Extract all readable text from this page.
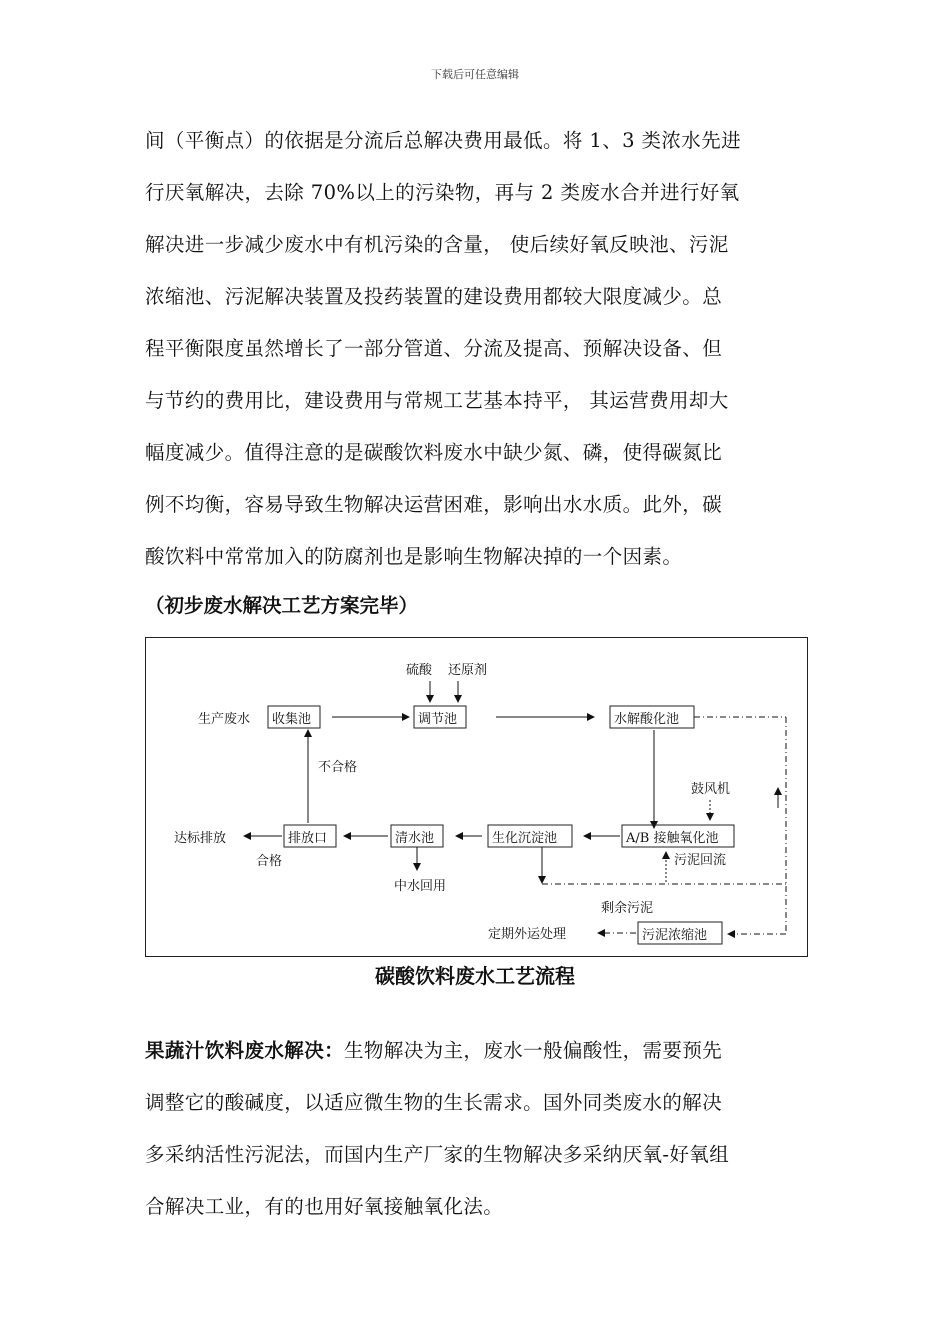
下载后可任意编辑
间（平衡点）的依据是分流后总解决费用最低。将 1、3 类浓水先进
行厌氧解决，去除 70%以上的污染物，再与 2 类废水合并进行好氧
解决进一步减少废水中有机污染的含量， 使后续好氧反映池、污泥
浓缩池、污泥解决装置及投药装置的建设费用都较大限度减少。总
程平衡限度虽然增长了一部分管道、分流及提高、预解决设备、但
与节约的费用比，建设费用与常规工艺基本持平， 其运营费用却大
幅度减少。值得注意的是碳酸饮料废水中缺少氮、磷，使得碳氮比
例不均衡，容易导致生物解决运营困难，影响出水水质。此外，碳
酸饮料中常常加入的防腐剂也是影响生物解决掉的一个因素。
（初步废水解决工艺方案完毕）
生产废水 收集池
硫酸 还原剂
调节池	水解酸化池
不合格
鼓风机
达标排放	排放口
合格
清水池
中水回用
生化沉淀池	A/B 接触氧化池
污泥回流
剩余污泥
定期外运处理	污泥浓缩池
碳酸饮料废水工艺流程
果蔬汁饮料废水解决：生物解决为主，废水一般偏酸性，需要预先
调整它的酸碱度，以适应微生物的生长需求。国外同类废水的解决
多采纳活性污泥法，而国内生产厂家的生物解决多采纳厌氧-好氧组
合解决工业，有的也用好氧接触氧化法。
